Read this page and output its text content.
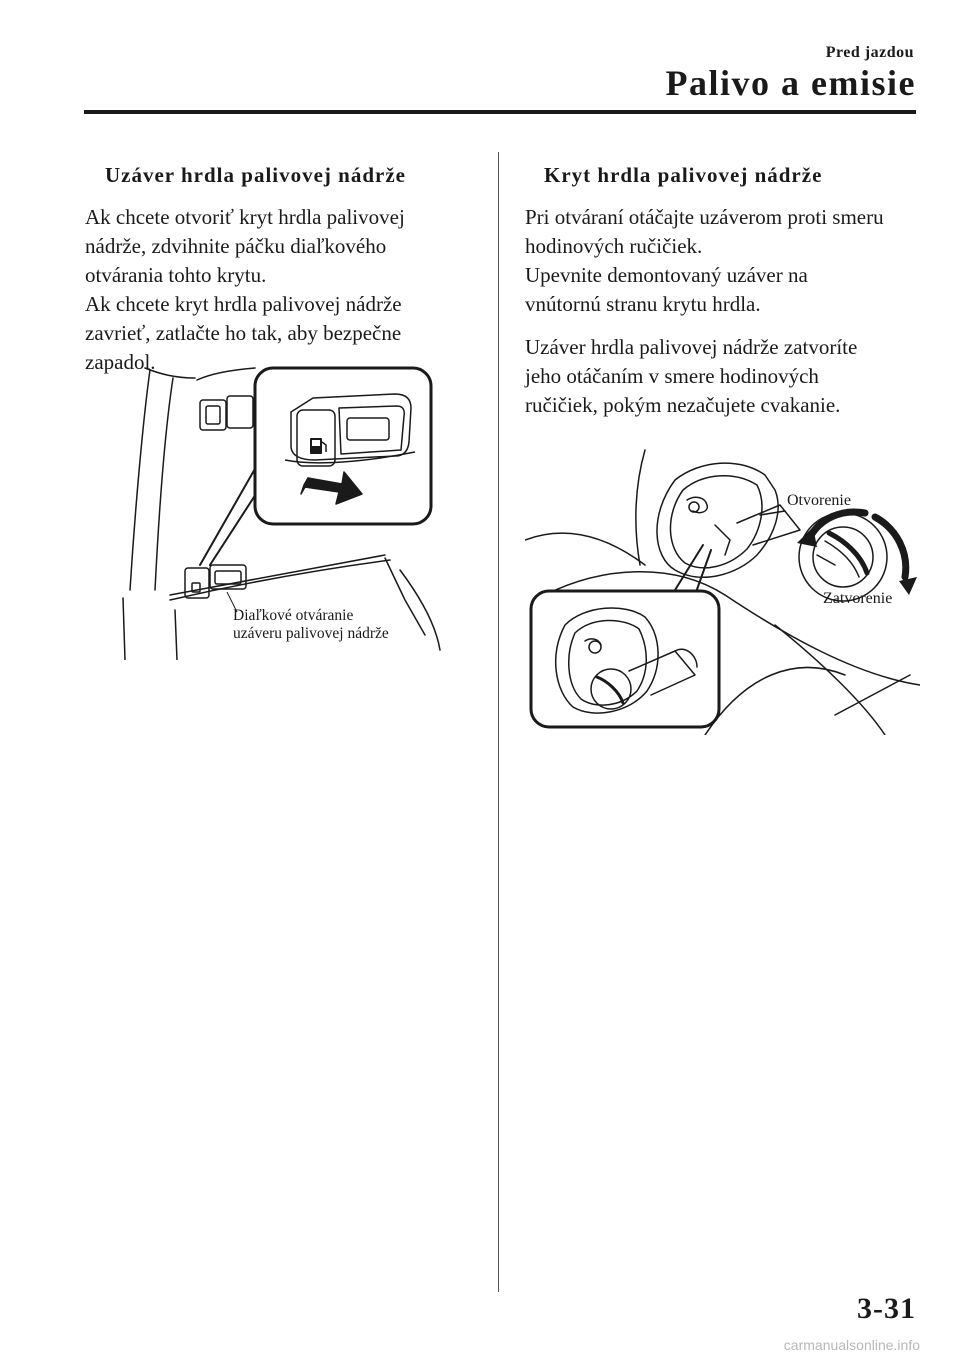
Pred jazdou
Palivo a emisie
Uzáver hrdla palivovej nádrže
Ak chcete otvoriť kryt hrdla palivovej
nádrže, zdvihnite páčku diaľkového
otvárania tohto krytu.
Ak chcete kryt hrdla palivovej nádrže
zavrieť, zatlačte ho tak, aby bezpečne
zapadol.
Diaľkové otváranie
uzáveru palivovej nádrže
Kryt hrdla palivovej nádrže
Pri otváraní otáčajte uzáverom proti smeru
hodinových ručičiek.
Upevnite demontovaný uzáver na
vnútornú stranu krytu hrdla.
Uzáver hrdla palivovej nádrže zatvoríte
jeho otáčaním v smere hodinových
ručičiek, pokým nezačujete cvakanie.
Otvorenie
Zatvorenie
3-31
carmanualsonline.info
